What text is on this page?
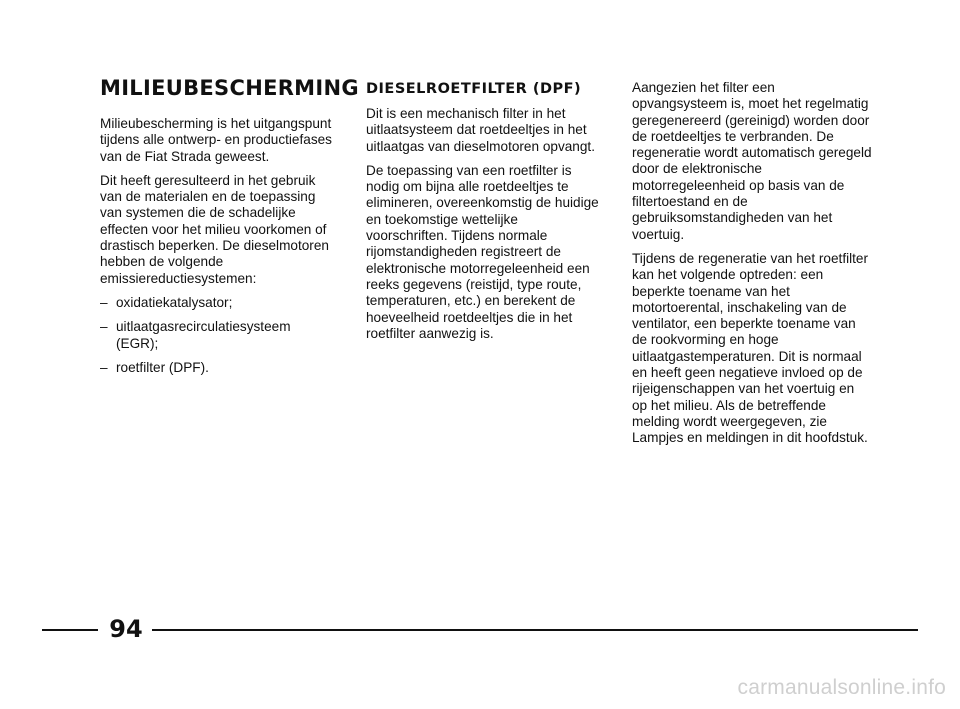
MILIEUBESCHERMING

Milieubescherming is het uitgangspunt tijdens alle ontwerp- en productiefases van de Fiat Strada geweest.

Dit heeft geresulteerd in het gebruik van de materialen en de toepassing van systemen die de schadelijke effecten voor het milieu voorkomen of drastisch beperken. De dieselmotoren hebben de volgende emissiereductiesystemen:

– oxidatiekatalysator;
– uitlaatgasrecirculatiesysteem (EGR);
– roetfilter (DPF).
DIESELROETFILTER (DPF)

Dit is een mechanisch filter in het uitlaatsysteem dat roetdeeltjes in het uitlaatgas van dieselmotoren opvangt.

De toepassing van een roetfilter is nodig om bijna alle roetdeeltjes te elimineren, overeenkomstig de huidige en toekomstige wettelijke voorschriften. Tijdens normale rijomstandigheden registreert de elektronische motorregeleenheid een reeks gegevens (reistijd, type route, temperaturen, etc.) en berekent de hoeveelheid roetdeeltjes die in het roetfilter aanwezig is.

Aangezien het filter een opvangsysteem is, moet het regelmatig geregenereerd (gereinigd) worden door de roetdeeltjes te verbranden. De regeneratie wordt automatisch geregeld door de elektronische motorregeleenheid op basis van de filtertoestand en de gebruiksomstandigheden van het voertuig.

Tijdens de regeneratie van het roetfilter kan het volgende optreden: een beperkte toename van het motortoerental, inschakeling van de ventilator, een beperkte toename van de rookvorming en hoge uitlaatgastemperaturen. Dit is normaal en heeft geen negatieve invloed op de rijeigenschappen van het voertuig en op het milieu. Als de betreffende melding wordt weergegeven, zie Lampjes en meldingen in dit hoofdstuk.

94
carmanualsonline.info
